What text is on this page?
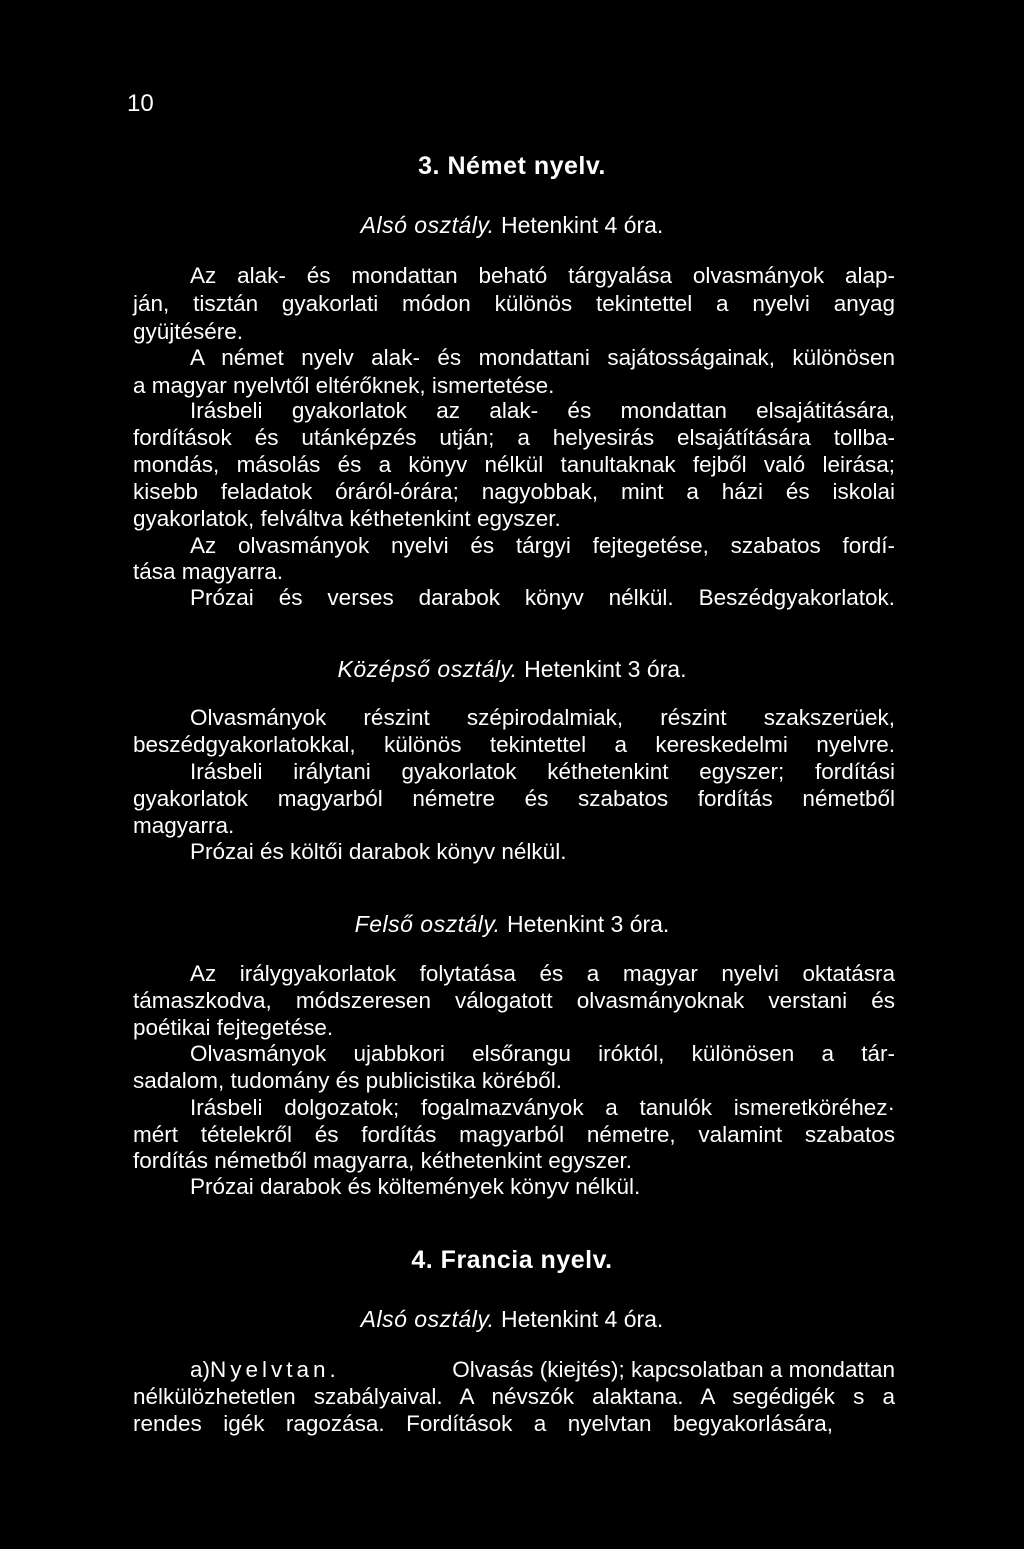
10
3. Német nyelv.
Alsó osztály. Hetenkint 4 óra.
Az alak- és mondattan beható tárgyalása olvasmányok alap-
ján, tisztán gyakorlati módon különös tekintettel a nyelvi anyag
gyüjtésére.
A német nyelv alak- és mondattani sajátosságainak, különösen
a magyar nyelvtől eltérőknek, ismertetése.
Irásbeli gyakorlatok az alak- és mondattan elsajátitására,
fordítások és utánképzés utján; a helyesirás elsajátítására tollba-
mondás, másolás és a könyv nélkül tanultaknak fejből való leirása;
kisebb feladatok óráról-órára; nagyobbak, mint a házi és iskolai
gyakorlatok, felváltva kéthetenkint egyszer.
Az olvasmányok nyelvi és tárgyi fejtegetése, szabatos fordí-
tása magyarra.
Prózai és verses darabok könyv nélkül. Beszédgyakorlatok.
Középső osztály. Hetenkint 3 óra.
Olvasmányok részint szépirodalmiak, részint szakszerüek,
beszédgyakorlatokkal, különös tekintettel a kereskedelmi nyelvre.
Irásbeli irálytani gyakorlatok kéthetenkint egyszer; fordítási
gyakorlatok magyarból németre és szabatos fordítás németből
magyarra.
Prózai és költői darabok könyv nélkül.
Felső osztály. Hetenkint 3 óra.
Az irálygyakorlatok folytatása és a magyar nyelvi oktatásra
támaszkodva, módszeresen válogatott olvasmányoknak verstani és
poétikai fejtegetése.
Olvasmányok ujabbkori elsőrangu iróktól, különösen a tár-
sadalom, tudomány és publicistika köréből.
Irásbeli dolgozatok; fogalmazványok a tanulók ismeretköréhez·
mért tételekről és fordítás magyarból németre, valamint szabatos
fordítás németből magyarra, kéthetenkint egyszer.
Prózai darabok és költemények könyv nélkül.
4. Francia nyelv.
Alsó osztály. Hetenkint 4 óra.
a) Nyelvtan.	Olvasás (kiejtés); kapcsolatban a mondattan
nélkülözhetetlen szabályaival. A névszók alaktana. A segédigék s a
rendes igék ragozása. Fordítások a nyelvtan begyakorlására,
